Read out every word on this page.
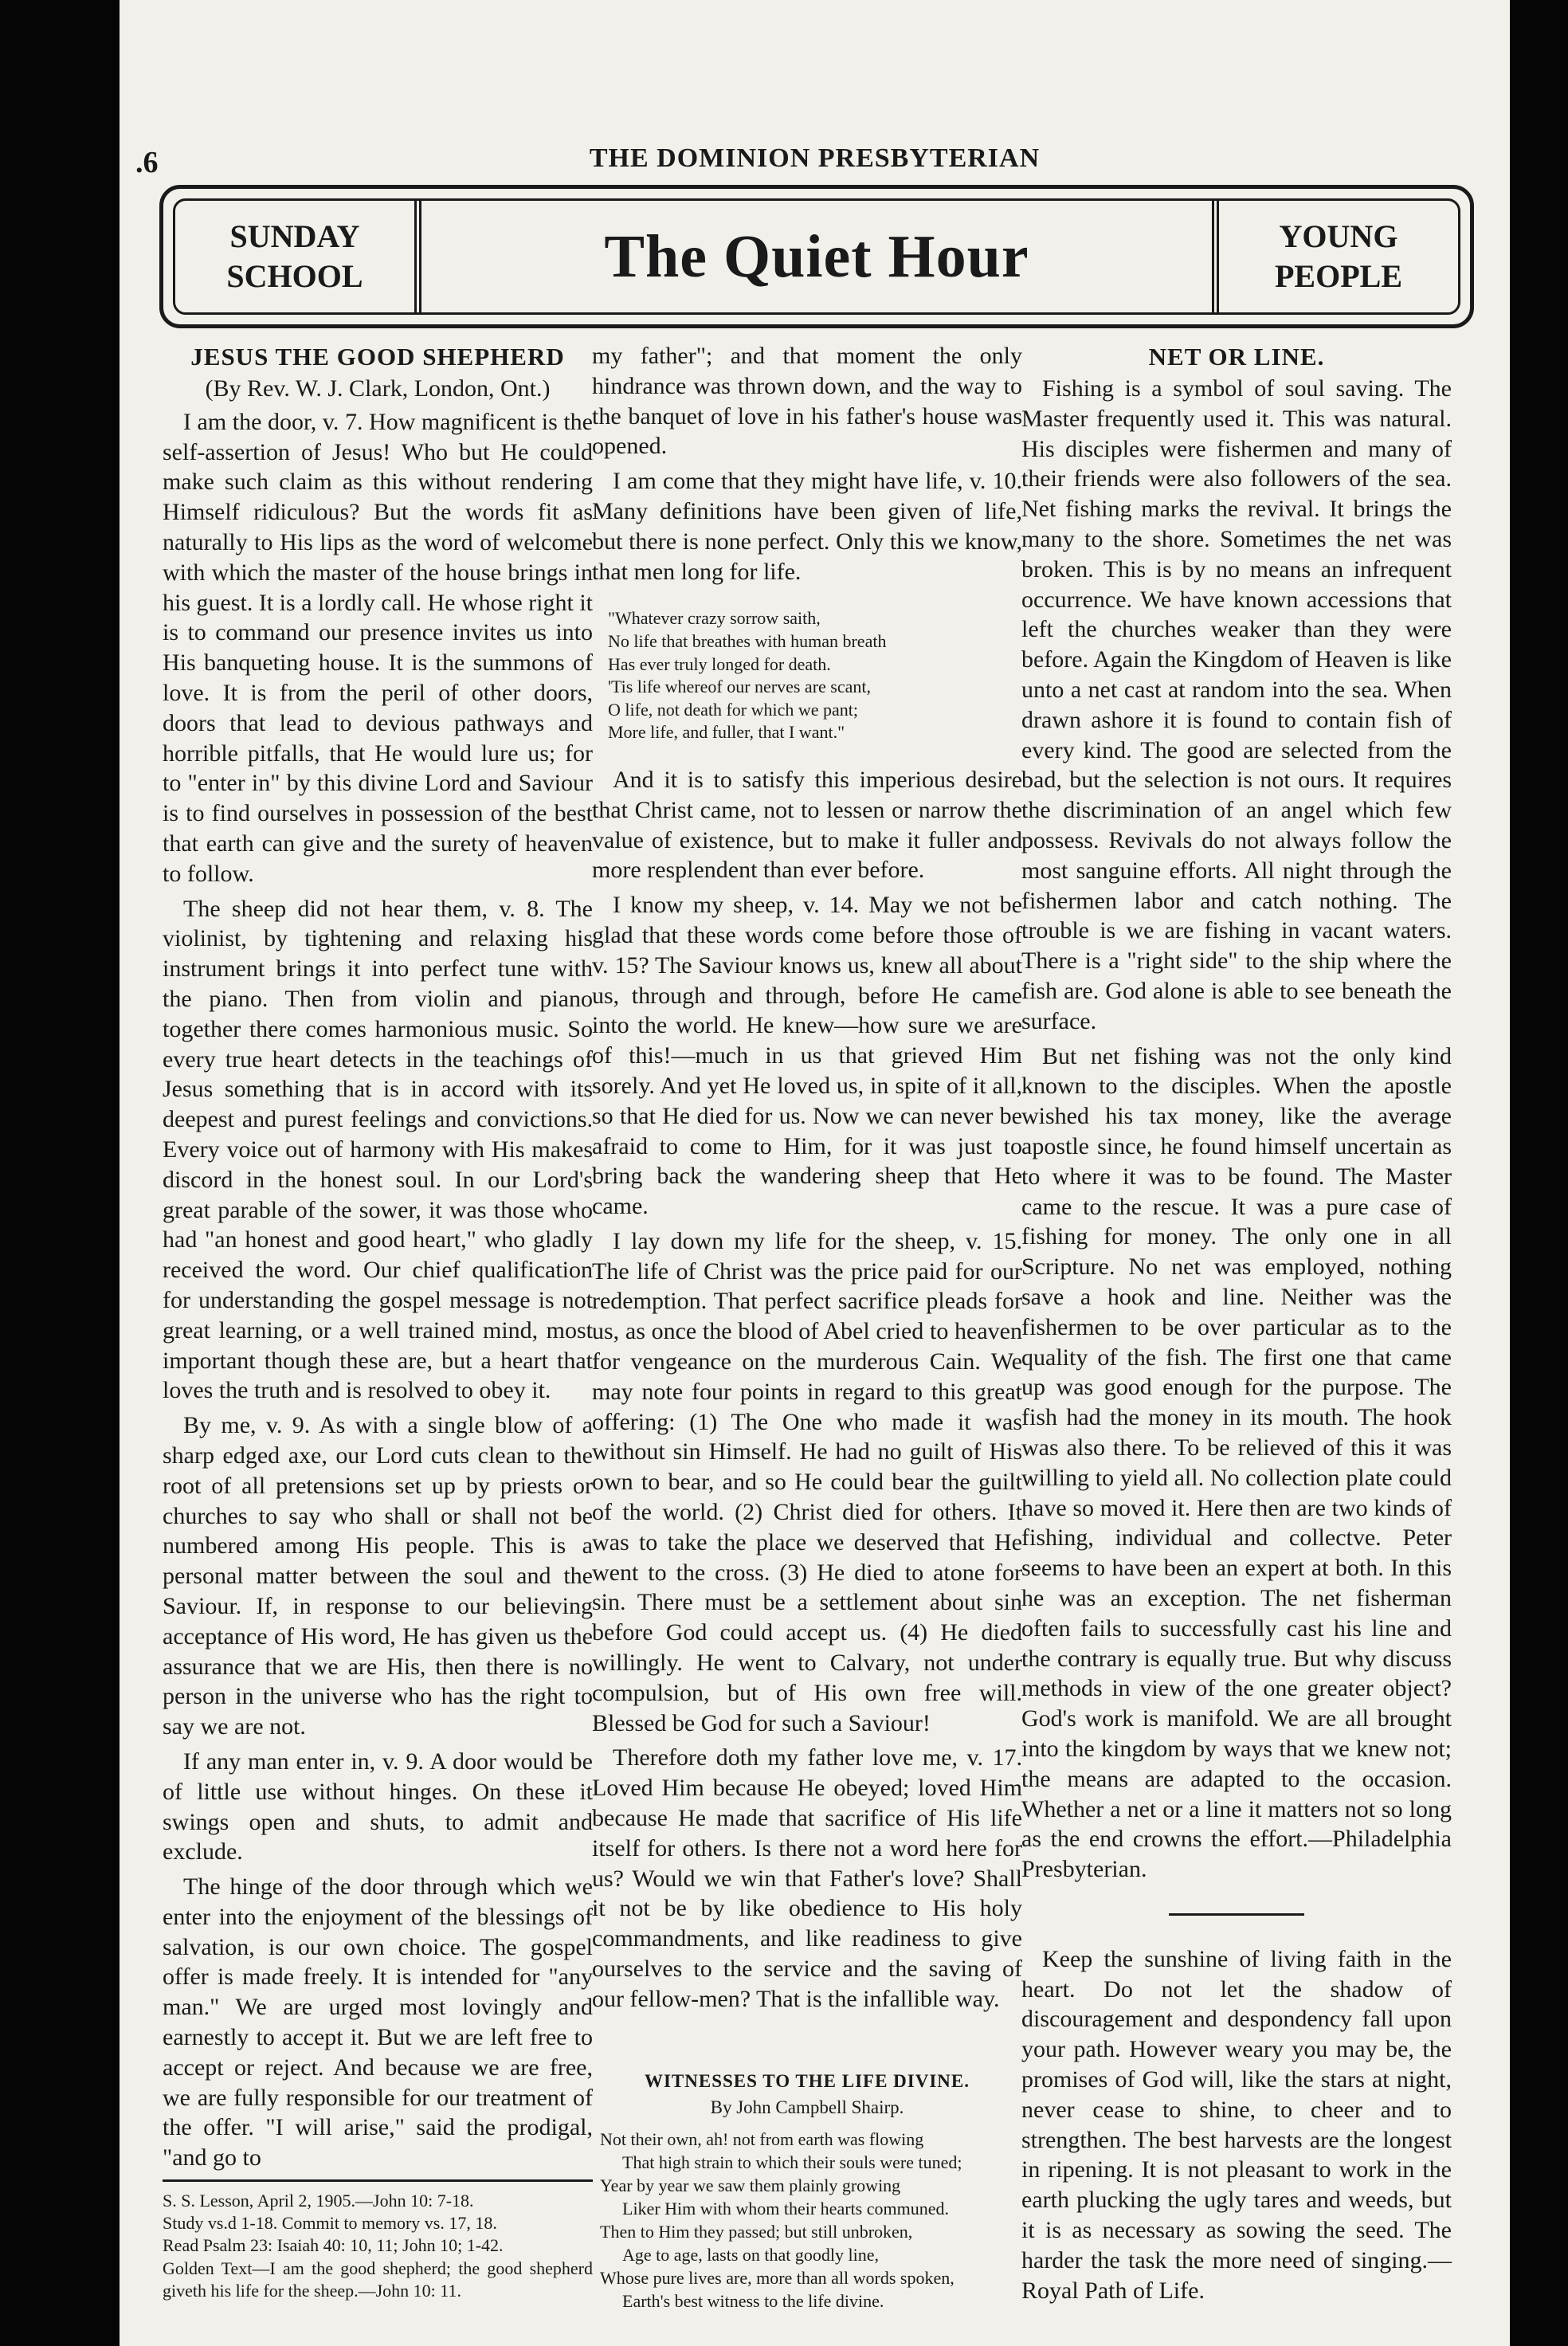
.6	THE DOMINION PRESBYTERIAN
SUNDAY
SCHOOL	The Quiet Hour	YOUNG
PEOPLE
JESUS THE GOOD SHEPHERD
(By Rev. W. J. Clark, London, Ont.)

I am the door, v. 7. How magnificent is the self-assertion of Jesus! Who but He could make such claim as this without rendering Himself ridiculous? But the words fit as naturally to His lips as the word of welcome with which the master of the house brings in his guest. It is a lordly call. He whose right it is to command our presence invites us into His banqueting house. It is the summons of love. It is from the peril of other doors, doors that lead to devious pathways and horrible pitfalls, that He would lure us; for to "enter in" by this divine Lord and Saviour is to find ourselves in possession of the best that earth can give and the surety of heaven to follow.

The sheep did not hear them, v. 8. The violinist, by tightening and relaxing his instrument brings it into perfect tune with the piano. Then from violin and piano together there comes harmonious music. So every true heart detects in the teachings of Jesus something that is in accord with its deepest and purest feelings and convictions. Every voice out of harmony with His makes discord in the honest soul. In our Lord's great parable of the sower, it was those who had "an honest and good heart," who gladly received the word. Our chief qualification for understanding the gospel message is not great learning, or a well trained mind, most important though these are, but a heart that loves the truth and is resolved to obey it.

By me, v. 9. As with a single blow of a sharp edged axe, our Lord cuts clean to the root of all pretensions set up by priests or churches to say who shall or shall not be numbered among His people. This is a personal matter between the soul and the Saviour. If, in response to our believing acceptance of His word, He has given us the assurance that we are His, then there is no person in the universe who has the right to say we are not.

If any man enter in, v. 9. A door would be of little use without hinges. On these it swings open and shuts, to admit and exclude.

The hinge of the door through which we enter into the enjoyment of the blessings of salvation, is our own choice. The gospel offer is made freely. It is intended for "any man." We are urged most lovingly and earnestly to accept it. But we are left free to accept or reject. And because we are free, we are fully responsible for our treatment of the offer. "I will arise," said the prodigal, "and go to

S. S. Lesson, April 2, 1905.—John 10: 7-18.
Study vs.d 1-18. Commit to memory vs. 17, 18.
Read Psalm 23: Isaiah 40: 10, 11; John 10; 1-42.
Golden Text—I am the good shepherd; the good shepherd giveth his life for the sheep.—John 10: 11.

my father"; and that moment the only hindrance was thrown down, and the way to the banquet of love in his father's house was opened.

I am come that they might have life, v. 10. Many definitions have been given of life, but there is none perfect. Only this we know, that men long for life.

"Whatever crazy sorrow saith,
No life that breathes with human breath
Has ever truly longed for death.
'Tis life whereof our nerves are scant,
O life, not death for which we pant;
More life, and fuller, that I want."

And it is to satisfy this imperious desire that Christ came, not to lessen or narrow the value of existence, but to make it fuller and more resplendent than ever before.

I know my sheep, v. 14. May we not be glad that these words come before those of v. 15? The Saviour knows us, knew all about us, through and through, before He came into the world. He knew—how sure we are of this!—much in us that grieved Him sorely. And yet He loved us, in spite of it all, so that He died for us. Now we can never be afraid to come to Him, for it was just to bring back the wandering sheep that He came.

I lay down my life for the sheep, v. 15. The life of Christ was the price paid for our redemption. That perfect sacrifice pleads for us, as once the blood of Abel cried to heaven for vengeance on the murderous Cain. We may note four points in regard to this great offering: (1) The One who made it was without sin Himself. He had no guilt of His own to bear, and so He could bear the guilt of the world. (2) Christ died for others. It was to take the place we deserved that He went to the cross. (3) He died to atone for sin. There must be a settlement about sin before God could accept us. (4) He died willingly. He went to Calvary, not under compulsion, but of His own free will. Blessed be God for such a Saviour!

Therefore doth my father love me, v. 17. Loved Him because He obeyed; loved Him because He made that sacrifice of His life itself for others. Is there not a word here for us? Would we win that Father's love? Shall it not be by like obedience to His holy commandments, and like readiness to give ourselves to the service and the saving of our fellow-men? That is the infallible way.

WITNESSES TO THE LIFE DIVINE.
By John Campbell Shairp.
Not their own, ah! not from earth was flowing
That high strain to which their souls were tuned;
Year by year we saw them plainly growing
Liker Him with whom their hearts communed.
Then to Him they passed; but still unbroken,
Age to age, lasts on that goodly line,
Whose pure lives are, more than all words spoken,
Earth's best witness to the life divine.
NET OR LINE.

Fishing is a symbol of soul saving. The Master frequently used it. This was natural. His disciples were fishermen and many of their friends were also followers of the sea. Net fishing marks the revival. It brings the many to the shore. Sometimes the net was broken. This is by no means an infrequent occurrence. We have known accessions that left the churches weaker than they were before. Again the Kingdom of Heaven is like unto a net cast at random into the sea. When drawn ashore it is found to contain fish of every kind. The good are selected from the bad, but the selection is not ours. It requires the discrimination of an angel which few possess. Revivals do not always follow the most sanguine efforts. All night through the fishermen labor and catch nothing. The trouble is we are fishing in vacant waters. There is a "right side" to the ship where the fish are. God alone is able to see beneath the surface.

But net fishing was not the only kind known to the disciples. When the apostle wished his tax money, like the average apostle since, he found himself uncertain as to where it was to be found. The Master came to the rescue. It was a pure case of fishing for money. The only one in all Scripture. No net was employed, nothing save a hook and line. Neither was the fishermen to be over particular as to the quality of the fish. The first one that came up was good enough for the purpose. The fish had the money in its mouth. The hook was also there. To be relieved of this it was willing to yield all. No collection plate could have so moved it. Here then are two kinds of fishing, individual and collectve. Peter seems to have been an expert at both. In this he was an exception. The net fisherman often fails to successfully cast his line and the contrary is equally true. But why discuss methods in view of the one greater object? God's work is manifold. We are all brought into the kingdom by ways that we knew not; the means are adapted to the occasion. Whether a net or a line it matters not so long as the end crowns the effort.—Philadelphia Presbyterian.

Keep the sunshine of living faith in the heart. Do not let the shadow of discouragement and despondency fall upon your path. However weary you may be, the promises of God will, like the stars at night, never cease to shine, to cheer and to strengthen. The best harvests are the longest in ripening. It is not pleasant to work in the earth plucking the ugly tares and weeds, but it is as necessary as sowing the seed. The harder the task the more need of singing.—Royal Path of Life.
